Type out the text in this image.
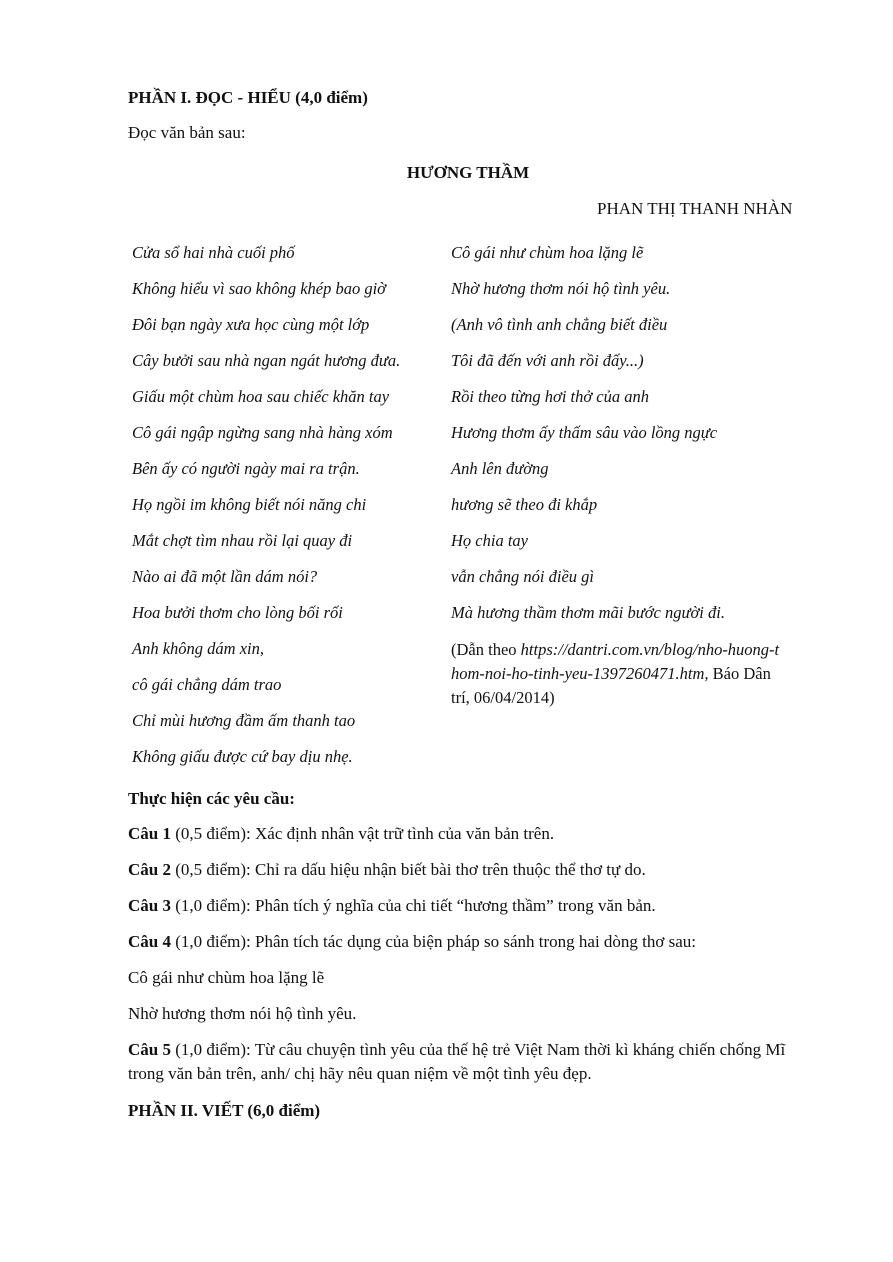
PHẦN I. ĐỌC - HIỂU (4,0 điểm)
Đọc văn bản sau:
HƯƠNG THẦM
PHAN THỊ THANH NHÀN
Cửa sổ hai nhà cuối phố
Không hiểu vì sao không khép bao giờ
Đôi bạn ngày xưa học cùng một lớp
Cây bưởi sau nhà ngan ngát hương đưa.
Giấu một chùm hoa sau chiếc khăn tay
Cô gái ngập ngừng sang nhà hàng xóm
Bên ấy có người ngày mai ra trận.
Họ ngồi im không biết nói năng chi
Mắt chợt tìm nhau rồi lại quay đi
Nào ai đã một lần dám nói?
Hoa bưởi thơm cho lòng bối rối
Anh không dám xin,
cô gái chẳng dám trao
Chỉ mùi hương đầm ấm thanh tao
Không giấu được cứ bay dịu nhẹ.
Cô gái như chùm hoa lặng lẽ
Nhờ hương thơm nói hộ tình yêu.
(Anh vô tình anh chẳng biết điều
Tôi đã đến với anh rồi đấy...)
Rồi theo từng hơi thở của anh
Hương thơm ấy thấm sâu vào lồng ngực
Anh lên đường
hương sẽ theo đi khắp
Họ chia tay
vẫn chẳng nói điều gì
Mà hương thầm thơm mãi bước người đi.
(Dẫn theo https://dantri.com.vn/blog/nho-huong-thom-noi-ho-tinh-yeu-1397260471.htm, Báo Dân trí, 06/04/2014)
Thực hiện các yêu cầu:
Câu 1 (0,5 điểm): Xác định nhân vật trữ tình của văn bản trên.
Câu 2 (0,5 điểm): Chỉ ra dấu hiệu nhận biết bài thơ trên thuộc thể thơ tự do.
Câu 3 (1,0 điểm): Phân tích ý nghĩa của chi tiết “hương thầm” trong văn bản.
Câu 4 (1,0 điểm): Phân tích tác dụng của biện pháp so sánh trong hai dòng thơ sau:
Cô gái như chùm hoa lặng lẽ
Nhờ hương thơm nói hộ tình yêu.
Câu 5 (1,0 điểm): Từ câu chuyện tình yêu của thế hệ trẻ Việt Nam thời kì kháng chiến chống Mĩ trong văn bản trên, anh/ chị hãy nêu quan niệm về một tình yêu đẹp.
PHẦN II. VIẾT (6,0 điểm)
